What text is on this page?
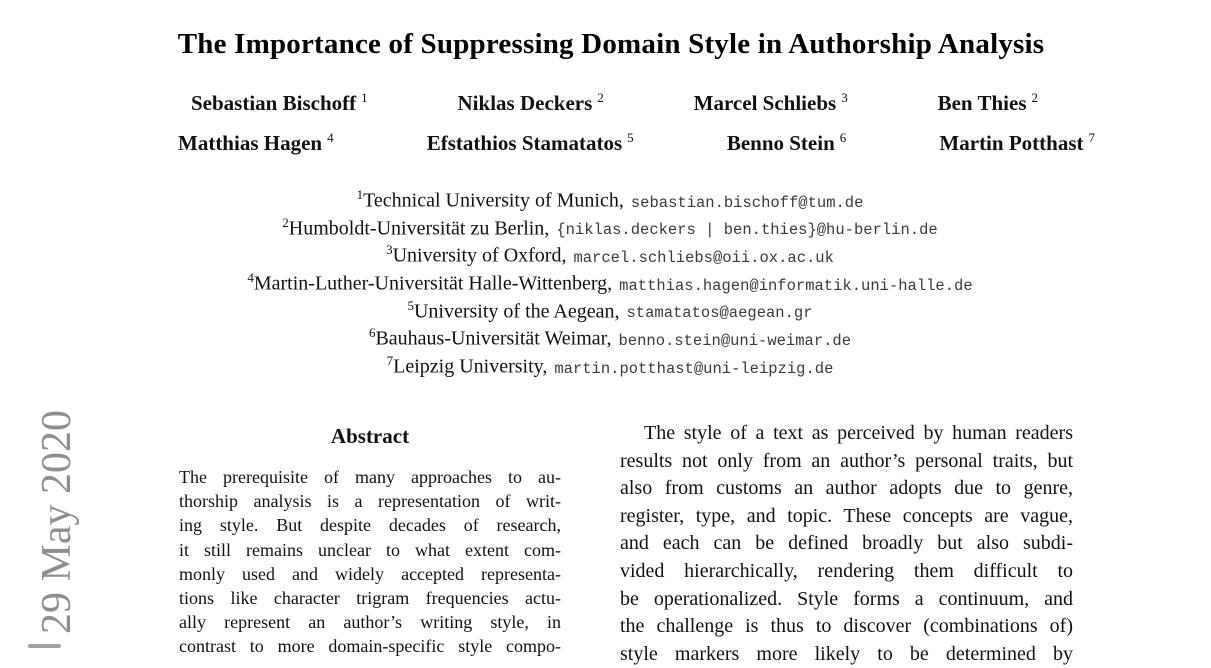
29 May 2020
The Importance of Suppressing Domain Style in Authorship Analysis
Sebastian Bischoff $^1$	Niklas Deckers $^2$	Marcel Schliebs $^3$	Ben Thies $^2$
Matthias Hagen $^4$	Efstathios Stamatatos $^5$	Benno Stein $^6$	Martin Potthast $^7$
$^1$Technical University of Munich, sebastian.bischoff@tum.de
$^2$Humboldt-Universität zu Berlin, {niklas.deckers | ben.thies}@hu-berlin.de
$^3$University of Oxford, marcel.schliebs@oii.ox.ac.uk
$^4$Martin-Luther-Universität Halle-Wittenberg, matthias.hagen@informatik.uni-halle.de
$^5$University of the Aegean, stamatatos@aegean.gr
$^6$Bauhaus-Universität Weimar, benno.stein@uni-weimar.de
$^7$Leipzig University, martin.potthast@uni-leipzig.de
Abstract
The prerequisite of many approaches to au-
thorship analysis is a representation of writ-
ing style. But despite decades of research,
it still remains unclear to what extent com-
monly used and widely accepted representa-
tions like character trigram frequencies actu-
ally represent an author’s writing style, in
contrast to more domain-specific style compo-
The style of a text as perceived by human readers
results not only from an author’s personal traits, but
also from customs an author adopts due to genre,
register, type, and topic. These concepts are vague,
and each can be defined broadly but also subdi-
vided hierarchically, rendering them difficult to
be operationalized. Style forms a continuum, and
the challenge is thus to discover (combinations of)
style markers more likely to be determined by
